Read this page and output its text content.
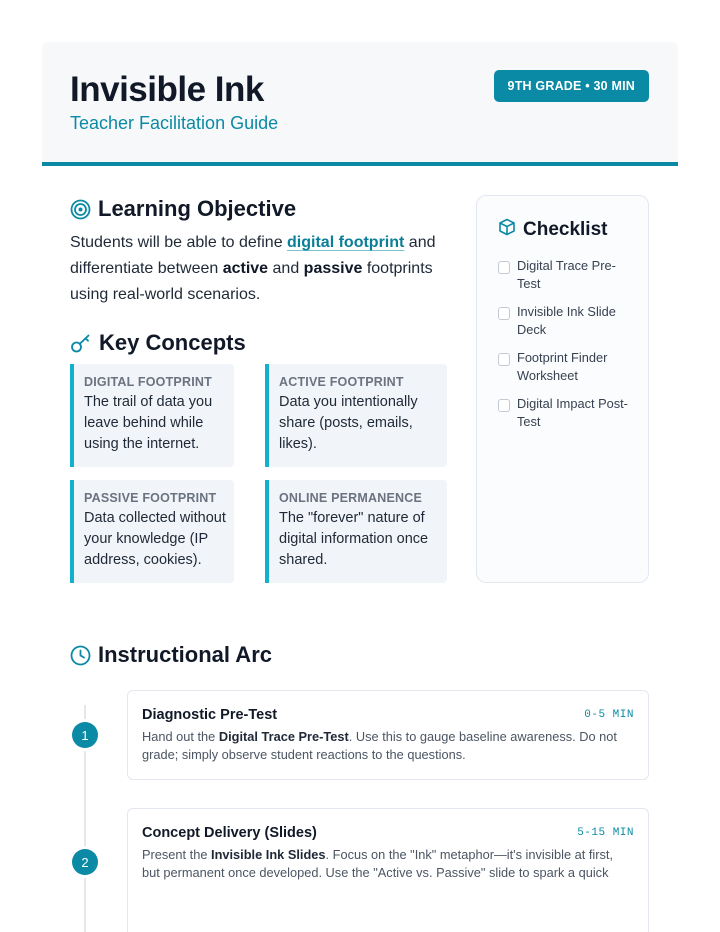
Invisible Ink
Teacher Facilitation Guide
9TH GRADE • 30 MIN
Learning Objective
Students will be able to define digital footprint and differentiate between active and passive footprints using real-world scenarios.
Key Concepts
DIGITAL FOOTPRINT
The trail of data you leave behind while using the internet.
ACTIVE FOOTPRINT
Data you intentionally share (posts, emails, likes).
PASSIVE FOOTPRINT
Data collected without your knowledge (IP address, cookies).
ONLINE PERMANENCE
The "forever" nature of digital information once shared.
Checklist
Digital Trace Pre-Test
Invisible Ink Slide Deck
Footprint Finder Worksheet
Digital Impact Post-Test
Instructional Arc
1
Diagnostic Pre-Test	0-5 MIN
Hand out the Digital Trace Pre-Test. Use this to gauge baseline awareness. Do not grade; simply observe student reactions to the questions.
2
Concept Delivery (Slides)	5-15 MIN
Present the Invisible Ink Slides. Focus on the "Ink" metaphor—it's invisible at first, but permanent once developed. Use the "Active vs. Passive" slide to spark a quick
